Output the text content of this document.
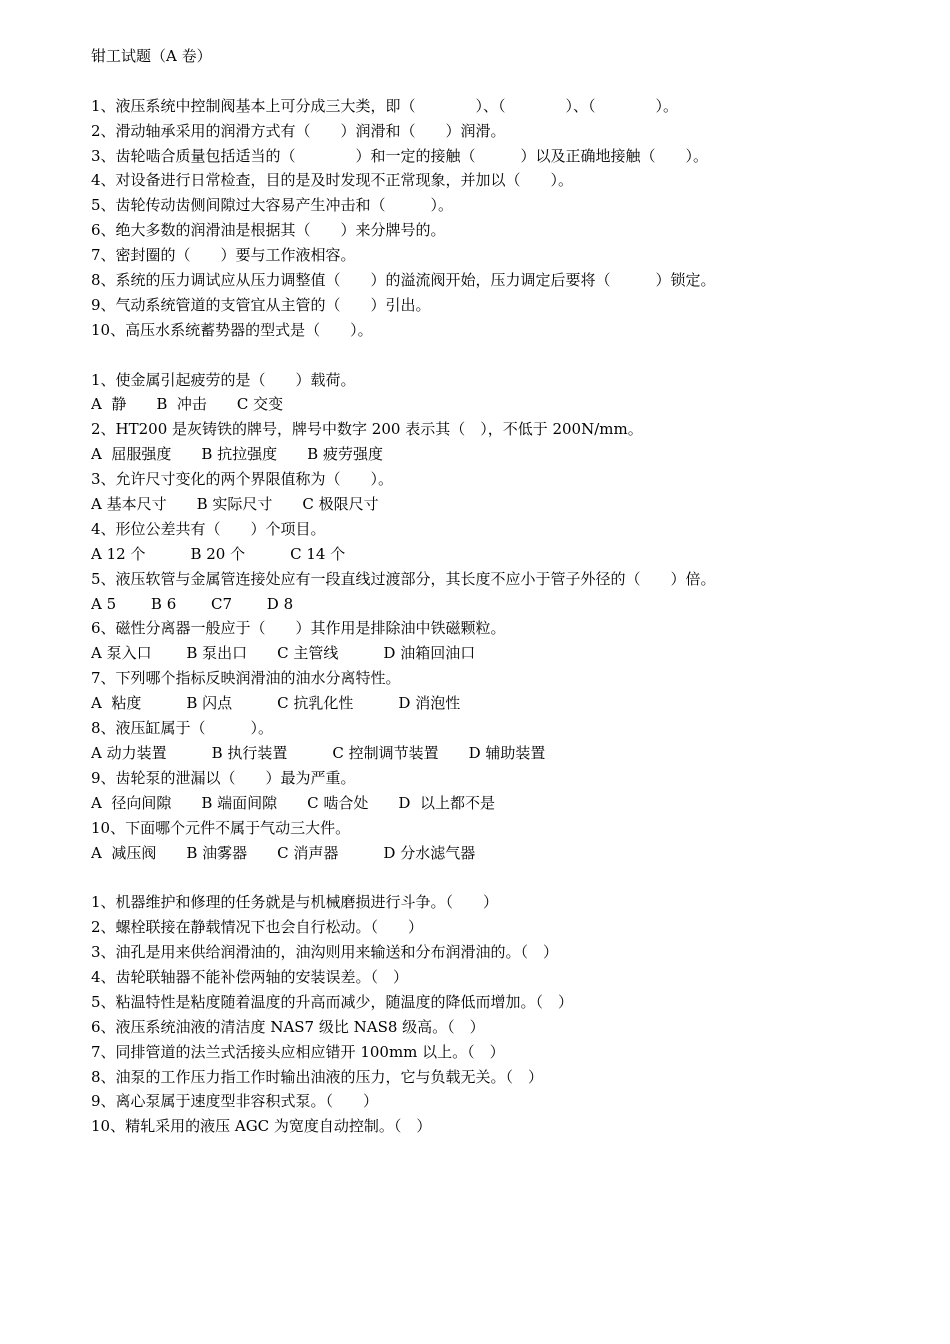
钳工试题（A 卷）

1、液压系统中控制阀基本上可分成三大类，即（　　　　）、（　　　　）、（　　　　）。
2、滑动轴承采用的润滑方式有（　　）润滑和（　　）润滑。
3、齿轮啮合质量包括适当的（　　　　）和一定的接触（　　　）以及正确地接触（　　）。
4、对设备进行日常检查，目的是及时发现不正常现象，并加以（　　）。
5、齿轮传动齿侧间隙过大容易产生冲击和（　　　）。
6、绝大多数的润滑油是根据其（　　）来分牌号的。
7、密封圈的（　　）要与工作液相容。
8、系统的压力调试应从压力调整值（　　）的溢流阀开始，压力调定后要将（　　　）锁定。
9、气动系统管道的支管宜从主管的（　　）引出。
10、高压水系统蓄势器的型式是（　　）。

1、使金属引起疲劳的是（　　）载荷。
A  静　　B  冲击　　C 交变
2、HT200 是灰铸铁的牌号，牌号中数字 200 表示其（　），不低于 200N/mm。
A  屈服强度　　B 抗拉强度　　B 疲劳强度
3、允许尺寸变化的两个界限值称为（　　）。
A 基本尺寸　　B 实际尺寸　　C 极限尺寸
4、形位公差共有（　　）个项目。
A 12 个　　　B 20 个　　　C 14 个
5、液压软管与金属管连接处应有一段直线过渡部分，其长度不应小于管子外径的（　　）倍。
A 5　　 B 6　　 C7　　 D 8
6、磁性分离器一般应于（　　）其作用是排除油中铁磁颗粒。
A 泵入口　　 B 泵出口　　C 主管线　　　D 油箱回油口
7、下列哪个指标反映润滑油的油水分离特性。
A  粘度　　　B 闪点　　　C 抗乳化性　　　D 消泡性
8、液压缸属于（　　　）。
A 动力装置　　　B 执行装置　　　C 控制调节装置　　D 辅助装置
9、齿轮泵的泄漏以（　　）最为严重。
A  径向间隙　　B 端面间隙　　C 啮合处　　D  以上都不是
10、下面哪个元件不属于气动三大件。
A  减压阀　　B 油雾器　　C 消声器　　　D 分水滤气器

1、机器维护和修理的任务就是与机械磨损进行斗争。（　　）
2、螺栓联接在静载情况下也会自行松动。（　　）
3、油孔是用来供给润滑油的，油沟则用来输送和分布润滑油的。（　）
4、齿轮联轴器不能补偿两轴的安装误差。（　）
5、粘温特性是粘度随着温度的升高而减少，随温度的降低而增加。（　）
6、液压系统油液的清洁度 NAS7 级比 NAS8 级高。（　）
7、同排管道的法兰式活接头应相应错开 100mm 以上。（　）
8、油泵的工作压力指工作时输出油液的压力，它与负载无关。（　）
9、离心泵属于速度型非容积式泵。（　　）
10、精轧采用的液压 AGC 为宽度自动控制。（　）
